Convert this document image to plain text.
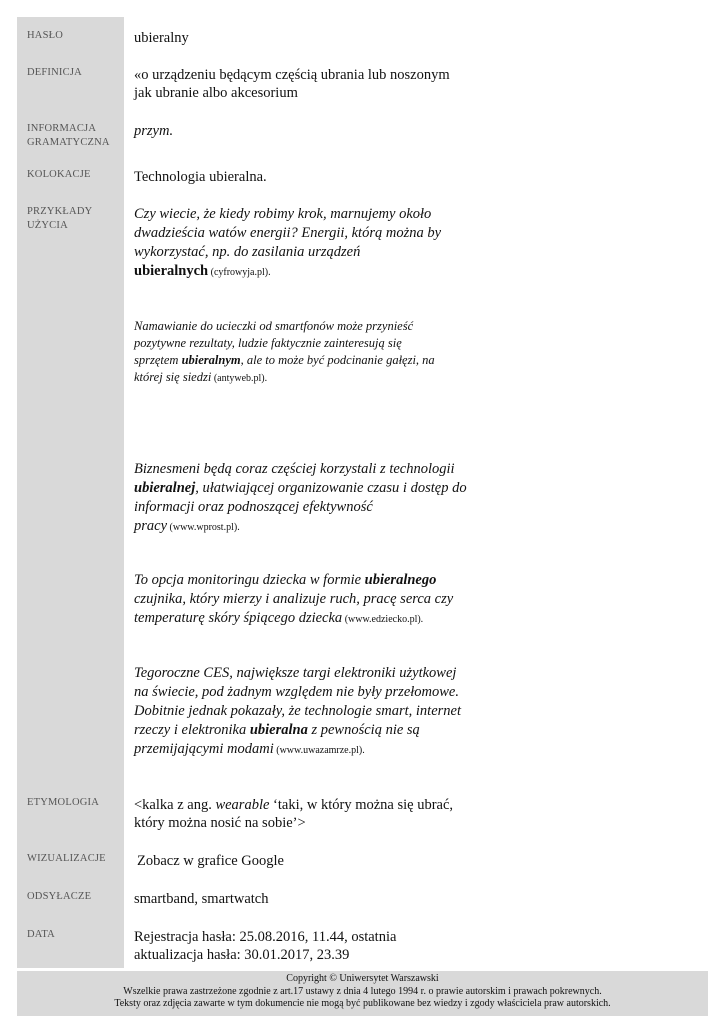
HASŁO
DEFINICJA
INFORMACJA
GRAMATYCZNA
KOLOKACJE
PRZYKŁADY
UŻYCIA
ETYMOLOGIA
WIZUALIZACJE
ODSYŁACZE
DATA
ubieralny
«o urządzeniu będącym częścią ubrania lub noszonym
jak ubranie albo akcesorium
przym.
Technologia ubieralna.
Czy wiecie, że kiedy robimy krok, marnujemy około
dwadzieścia watów energii? Energii, którą można by
wykorzystać, np. do zasilania urządzeń
ubieralnych (cyfrowyja.pl).
Namawianie do ucieczki od smartfonów może przynieść
pozytywne rezultaty, ludzie faktycznie zainteresują się
sprzętem ubieralnym, ale to może być podcinanie gałęzi, na
której się siedzi (antyweb.pl).
Biznesmeni będą coraz częściej korzystali z technologii
ubieralnej, ułatwiającej organizowanie czasu i dostęp do
informacji oraz podnoszącej efektywność
pracy (www.wprost.pl).
To opcja monitoringu dziecka w formie ubieralnego
czujnika, który mierzy i analizuje ruch, pracę serca czy
temperaturę skóry śpiącego dziecka (www.edziecko.pl).
Tegoroczne CES, największe targi elektroniki użytkowej
na świecie, pod żadnym względem nie były przełomowe.
Dobitnie jednak pokazały, że technologie smart, internet
rzeczy i elektronika ubieralna z pewnością nie są
przemijającymi modami (www.uwazamrze.pl).
<kalka z ang. wearable ‘taki, w który można się ubrać,
który można nosić na sobie’>
Zobacz w grafice Google
smartband, smartwatch
Rejestracja hasła: 25.08.2016, 11.44, ostatnia
aktualizacja hasła: 30.01.2017, 23.39
Copyright © Uniwersytet Warszawski
Wszelkie prawa zastrzeżone zgodnie z art.17 ustawy z dnia 4 lutego 1994 r. o prawie autorskim i prawach pokrewnych.
Teksty oraz zdjęcia zawarte w tym dokumencie nie mogą być publikowane bez wiedzy i zgody właściciela praw autorskich.
